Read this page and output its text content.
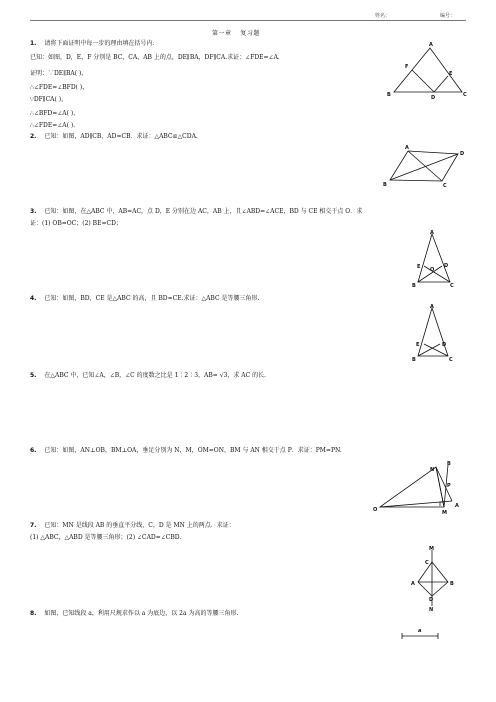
姓名：	编号：
第一章　 复习题
1. 请将下面证明中每一步的理由填在括号内.
已知：如图，D，E，F 分别是 BC，CA，AB 上的点，DE∥BA，DF∥CA.求证：∠FDE=∠A.
证明：∵DE∥BA( )，
∴∠FDE=∠BFD( )，
∵DF∥CA( )，
∴∠BFD=∠A( )，
∴∠FDE=∠A( ).
A
F
E
B	D	C
2. 已知：如图，AD∥CB，AD=CB．求证：△ABC≌△CDA.
A
D
B	C
3. 已知：如图，在△ABC 中，AB=AC，点 D，E 分别在边 AC，AB 上，且∠ABD=∠ACE，BD 与 CE 相交于点 O．求
证：(1) OB=OC；(2) BE=CD；
A
E O
D
B	C
4. 已知：如图，BD，CE 是△ABC 的高，且 BD=CE.求证：△ABC 是等腰三角形.
A
E	D
B	C
5. 在△ABC 中，已知∠A，∠B，∠C 的度数之比是 1∶2∶3，AB= √3，求 AC 的长.
6. 已知：如图，AN⊥OB，BM⊥OA，垂足分别为 N，M，OM=ON，BM 与 AN 相交于点 P．求证：PM=PN.
N
B
P
O	M
A
7. 已知：MN 是线段 AB 的垂直平分线，C，D 是 MN 上的两点．求证：
(1) △ABC，△ABD 是等腰三角形；(2) ∠CAD=∠CBD.
M
C
A	B
D
N
8. 如图，已知线段 a，利用尺规求作以 a 为底边、以 2a 为高的等腰三角形.
a
